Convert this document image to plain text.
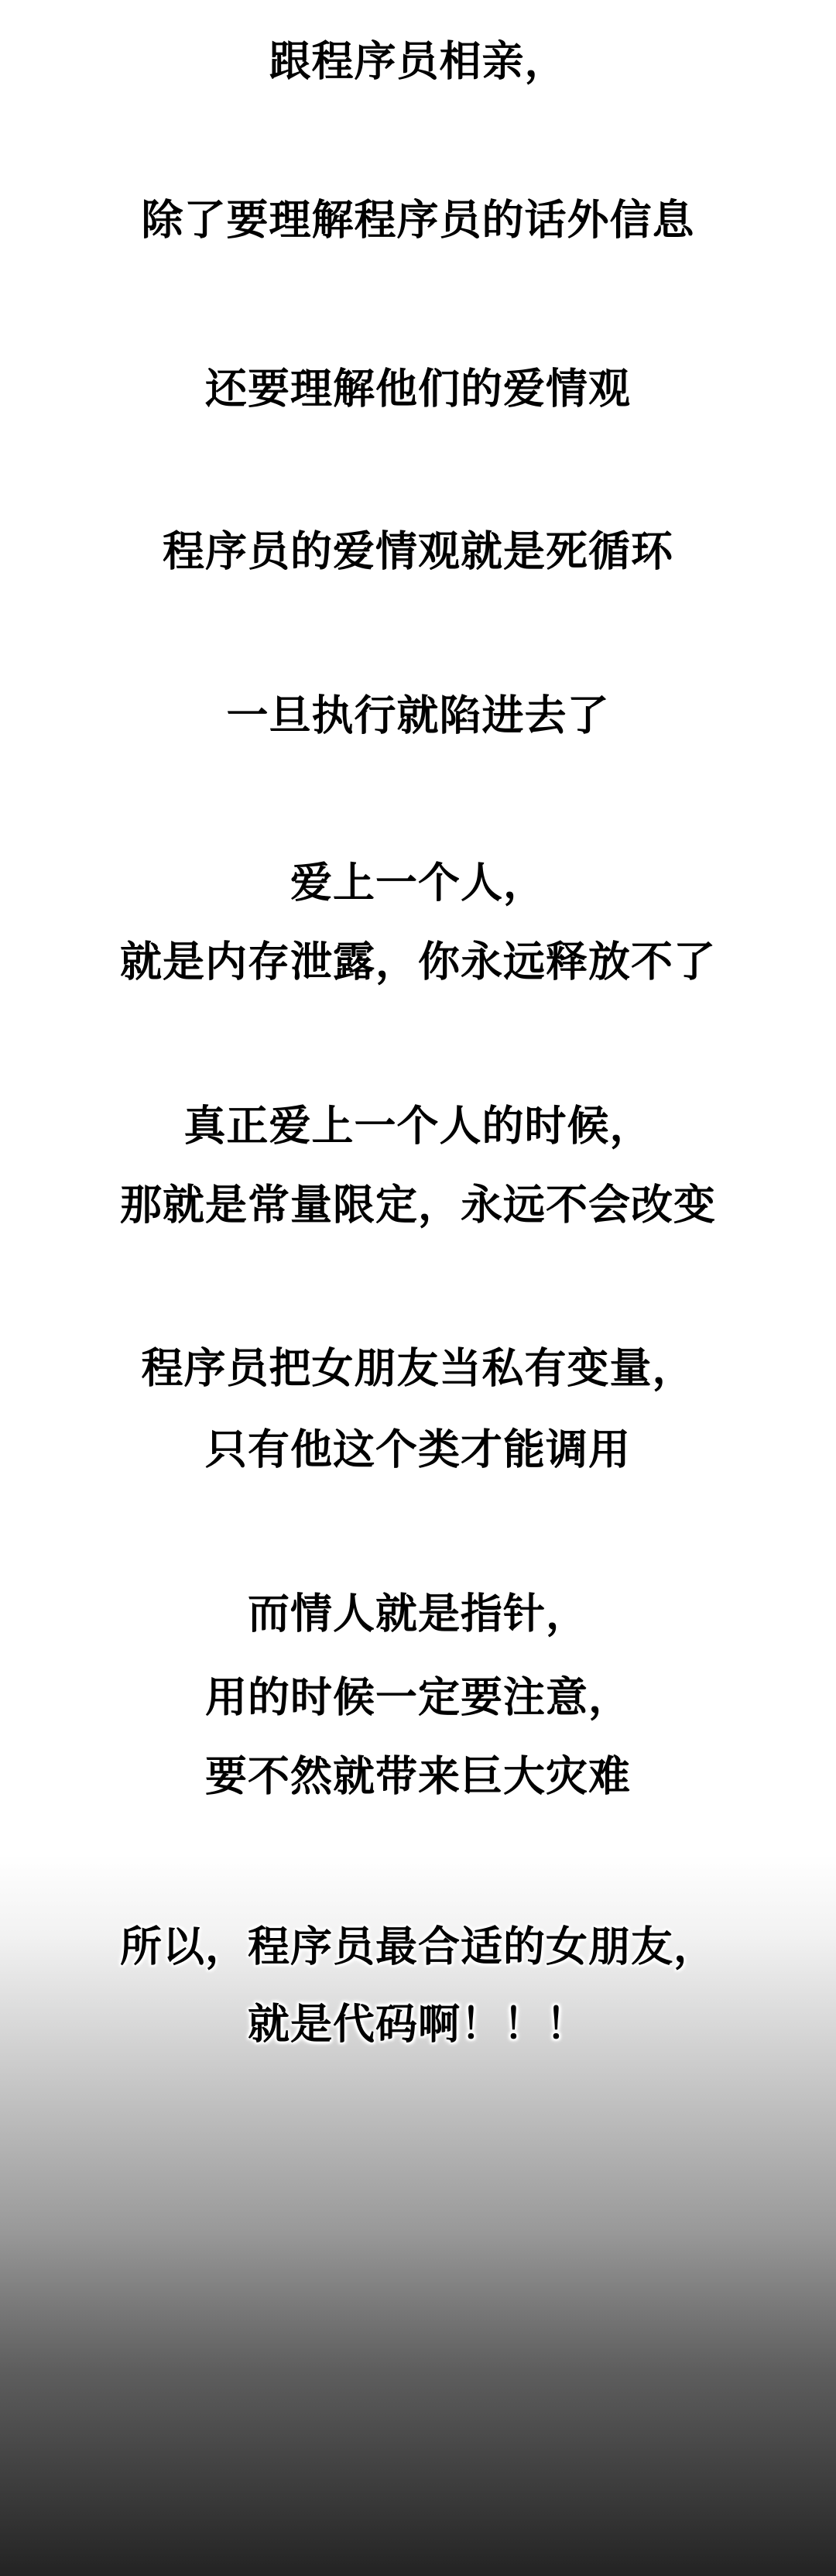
跟程序员相亲，
除了要理解程序员的话外信息
还要理解他们的爱情观
程序员的爱情观就是死循环
一旦执行就陷进去了
爱上一个人，
就是内存泄露，你永远释放不了
真正爱上一个人的时候，
那就是常量限定，永远不会改变
程序员把女朋友当私有变量，
只有他这个类才能调用
而情人就是指针，
用的时候一定要注意，
要不然就带来巨大灾难
所以，程序员最合适的女朋友，
就是代码啊！！！
